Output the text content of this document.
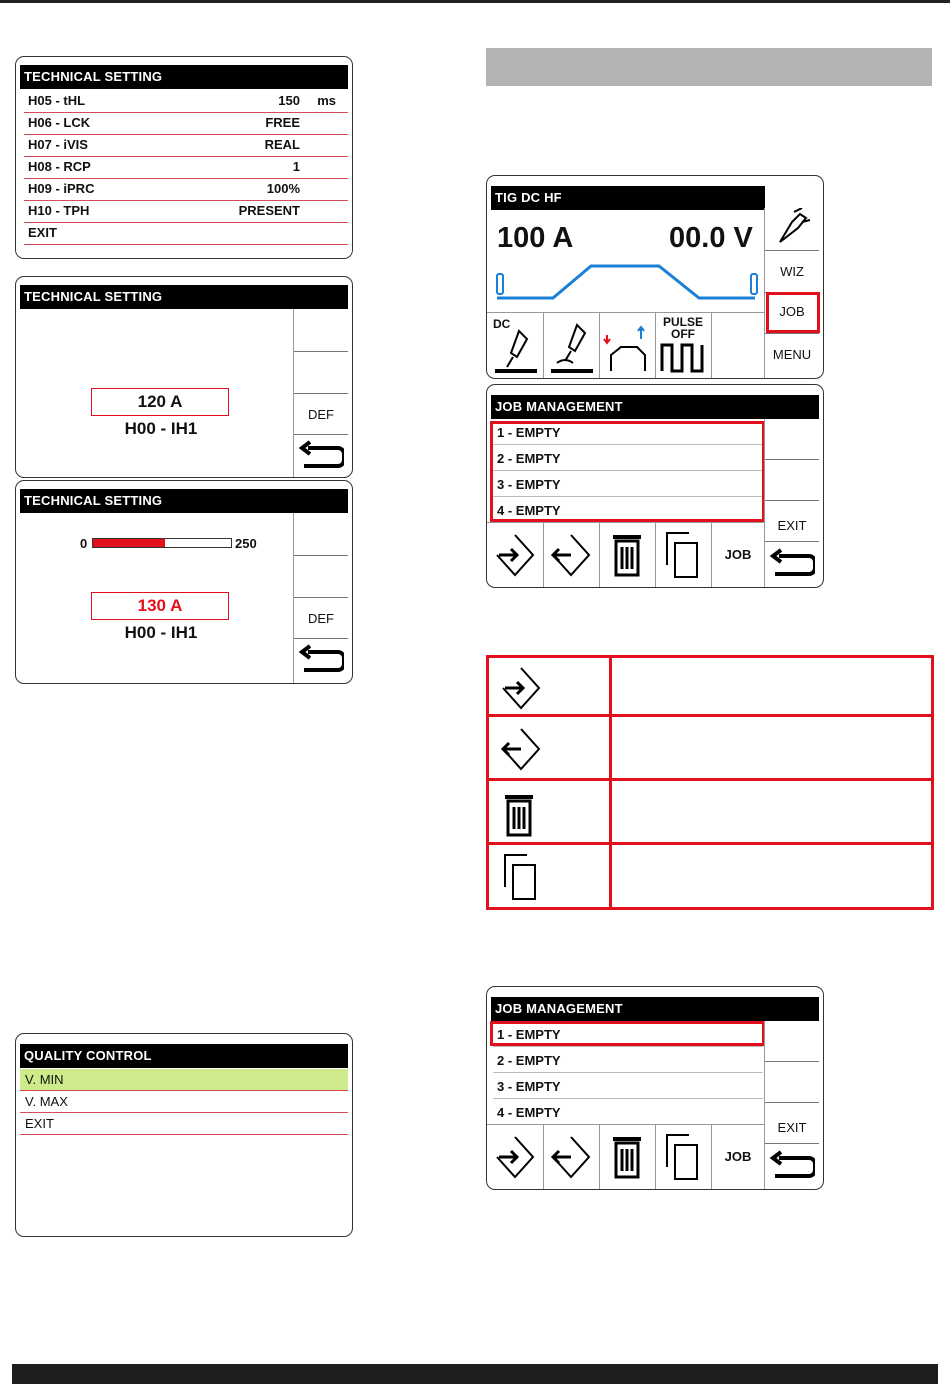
TECHNICAL SETTING
H05 - tHL	150 ms
H06 - LCK	FREE
H07 - iVIS	REAL
H08 - RCP	1
H09 - iPRC	100%
H10 - TPH	PRESENT
EXIT
TECHNICAL SETTING
DEF
120 A
H00 - IH1
TECHNICAL SETTING
DEF
0	250
130 A
H00 - IH1
QUALITY CONTROL
V. MIN
V. MAX
EXIT
TIG DC HF
100 A	00.0 V
WIZ
JOB
MENU
DC	PULSE
OFF
JOB MANAGEMENT
1 - EMPTY
2 - EMPTY
3 - EMPTY
4 - EMPTY
EXIT
JOB
JOB MANAGEMENT
1 - EMPTY
2 - EMPTY
3 - EMPTY
4 - EMPTY
EXIT
JOB
